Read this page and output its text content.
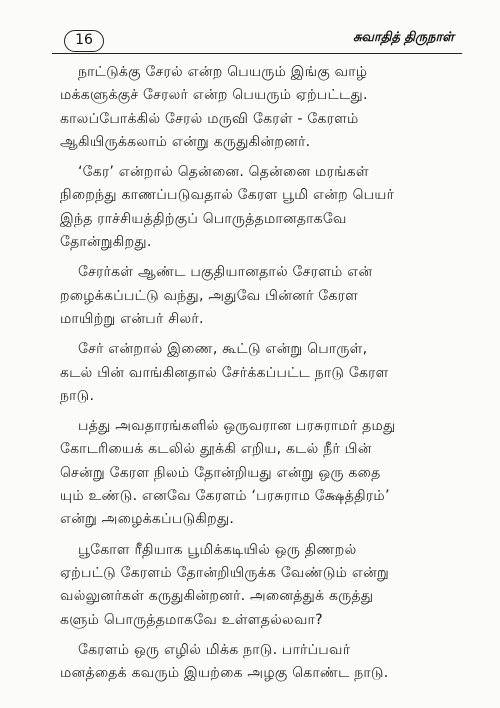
16	சுவாதித் திருநாள்

நாட்டுக்கு சேரல் என்ற பெயரும் இங்கு வாழ்
மக்களுக்குச் சேரலர் என்ற பெயரும் ஏற்பட்டது.
காலப்போக்கில் சேரல் மருவி கேரள் - கேரளம்
ஆகியிருக்கலாம் என்று கருதுகின்றனர்.

‘கேர’ என்றால் தென்னை. தென்னை மரங்கள்
நிறைந்து காணப்படுவதால் கேரள பூமி என்ற பெயர்
இந்த ராச்சியத்திற்குப் பொருத்தமானதாகவே
தோன்றுகிறது.

சேரர்கள் ஆண்ட பகுதியானதால் சேரளம் என்
றழைக்கப்பட்டு வந்து, அதுவே பின்னர் கேரள
மாயிற்று என்பர் சிலர்.

சேர் என்றால் இணை, கூட்டு என்று பொருள்,
கடல் பின் வாங்கினதால் சேர்க்கப்பட்ட நாடு கேரள
நாடு.

பத்து அவதாரங்களில் ஒருவரான பரசுராமர் தமது
கோடரியைக் கடலில் தூக்கி எறிய, கடல் நீர் பின்
சென்று கேரள நிலம் தோன்றியது என்று ஒரு கதை
யும் உண்டு. எனவே கேரளம் ‘பரசுராம க்ஷேத்திரம்’
என்று அழைக்கப்படுகிறது.

பூகோள ரீதியாக பூமிக்கடியில் ஒரு திணறல்
ஏற்பட்டு கேரளம் தோன்றியிருக்க வேண்டும் என்று
வல்லுனர்கள் கருதுகின்றனர். அனைத்துக் கருத்து
களும் பொருத்தமாகவே உள்ளதல்லவா?

கேரளம் ஒரு எழில் மிக்க நாடு. பார்ப்பவர்
மனத்தைக் கவரும் இயற்கை அழகு கொண்ட நாடு.
